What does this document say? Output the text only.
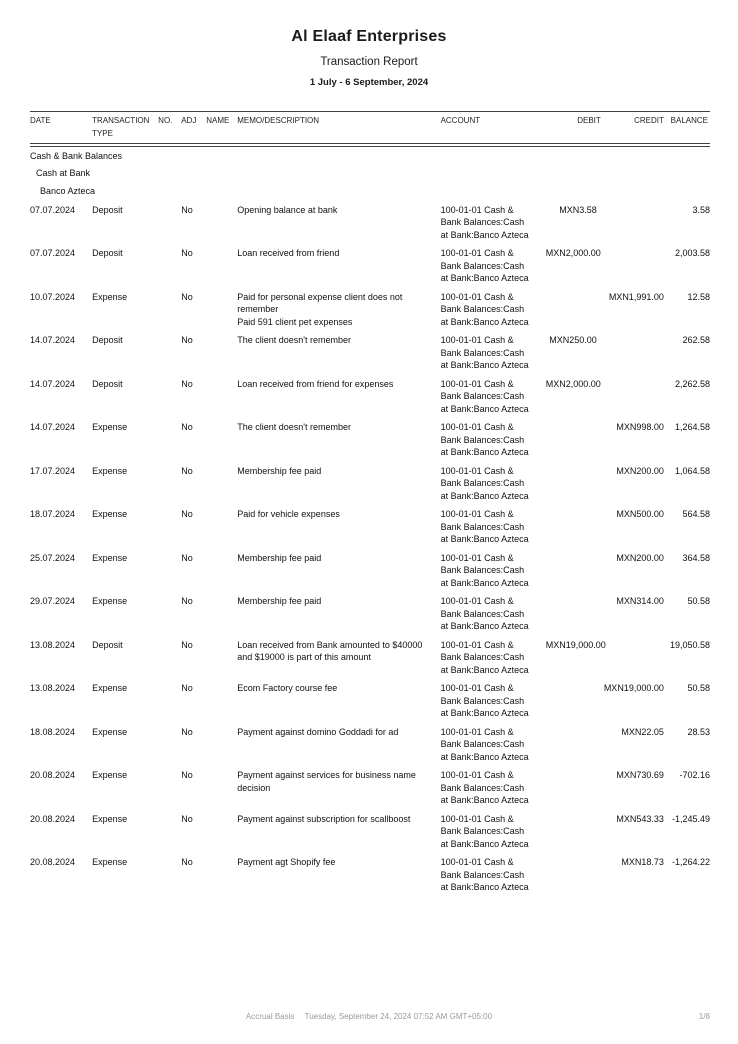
Al Elaaf Enterprises
Transaction Report
1 July - 6 September, 2024
DATE	TRANSACTION TYPE	NO.	ADJ	NAME	MEMO/DESCRIPTION	ACCOUNT	DEBIT	CREDIT	BALANCE

Cash & Bank Balances									
Cash at Bank									
Banco Azteca									
07.07.2024	Deposit		No		Opening balance at bank	100-01-01 Cash & Bank Balances:Cash at Bank:Banco Azteca	MXN3.58		3.58
07.07.2024	Deposit		No		Loan received from friend	100-01-01 Cash & Bank Balances:Cash at Bank:Banco Azteca	MXN2,000.00		2,003.58
10.07.2024	Expense		No		Paid for personal expense client does not remember
Paid 591 client pet expenses	100-01-01 Cash & Bank Balances:Cash at Bank:Banco Azteca		MXN1,991.00	12.58
14.07.2024	Deposit		No		The client doesn't remember	100-01-01 Cash & Bank Balances:Cash at Bank:Banco Azteca	MXN250.00		262.58
14.07.2024	Deposit		No		Loan received from friend for expenses	100-01-01 Cash & Bank Balances:Cash at Bank:Banco Azteca	MXN2,000.00		2,262.58
14.07.2024	Expense		No		The client doesn't remember	100-01-01 Cash & Bank Balances:Cash at Bank:Banco Azteca		MXN998.00	1,264.58
17.07.2024	Expense		No		Membership fee paid	100-01-01 Cash & Bank Balances:Cash at Bank:Banco Azteca		MXN200.00	1,064.58
18.07.2024	Expense		No		Paid for vehicle expenses	100-01-01 Cash & Bank Balances:Cash at Bank:Banco Azteca		MXN500.00	564.58
25.07.2024	Expense		No		Membership fee paid	100-01-01 Cash & Bank Balances:Cash at Bank:Banco Azteca		MXN200.00	364.58
29.07.2024	Expense		No		Membership fee paid	100-01-01 Cash & Bank Balances:Cash at Bank:Banco Azteca		MXN314.00	50.58
13.08.2024	Deposit		No		Loan received from Bank amounted to $40000 and $19000 is part of this amount	100-01-01 Cash & Bank Balances:Cash at Bank:Banco Azteca	MXN19,000.00		19,050.58
13.08.2024	Expense		No		Ecom Factory course fee	100-01-01 Cash & Bank Balances:Cash at Bank:Banco Azteca		MXN19,000.00	50.58
18.08.2024	Expense		No		Payment against domino Goddadi for ad	100-01-01 Cash & Bank Balances:Cash at Bank:Banco Azteca		MXN22.05	28.53
20.08.2024	Expense		No		Payment against services for business name decision	100-01-01 Cash & Bank Balances:Cash at Bank:Banco Azteca		MXN730.69	-702.16
20.08.2024	Expense		No		Payment against subscription for scallboost	100-01-01 Cash & Bank Balances:Cash at Bank:Banco Azteca		MXN543.33	-1,245.49
20.08.2024	Expense		No		Payment agt Shopify fee	100-01-01 Cash & Bank Balances:Cash at Bank:Banco Azteca		MXN18.73	-1,264.22
Accrual Basis Tuesday, September 24, 2024 07:52 AM GMT+05:00	1/8
